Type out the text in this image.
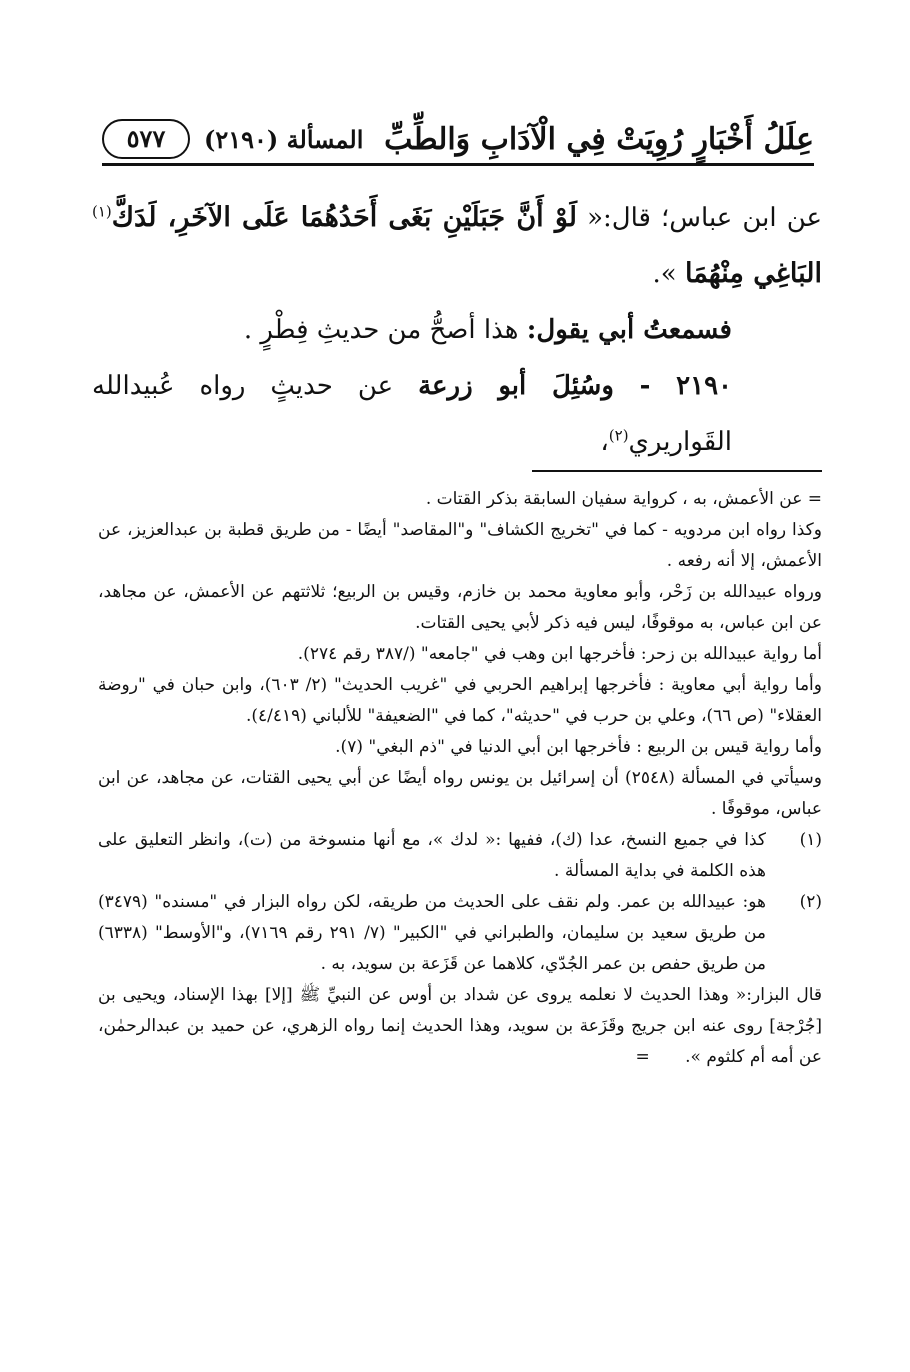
عِلَلُ أَخْبَارٍ رُوِيَتْ فِي الْآدَابِ وَالطِّبِّ
المسألة (٢١٩٠)
٥٧٧

عن ابن عباس؛ قال:« لَوْ أَنَّ جَبَلَيْنِ بَغَى أَحَدُهُمَا عَلَى الآخَرِ، لَدَكَّ$^{(١)}$ البَاغِي مِنْهُمَا ».

فسمعتُ أبي يقول: هذا أصحُّ من حديثِ فِطْرٍ .

٢١٩٠ - وسُئِلَ أبو زرعة عن حديثٍ رواه عُبيدالله القَواريري$^{(٢)}$،

= عن الأعمش، به ، كرواية سفيان السابقة بذكر القتات .

وكذا رواه ابن مردويه - كما في "تخريج الكشاف" و"المقاصد" أيضًا - من طريق قطبة بن عبدالعزيز، عن الأعمش، إلا أنه رفعه .

ورواه عبيدالله بن زَحْر، وأبو معاوية محمد بن خازم، وقيس بن الربيع؛ ثلاثتهم عن الأعمش، عن مجاهد، عن ابن عباس، به موقوفًا، ليس فيه ذكر لأبي يحيى القتات.

أما رواية عبيدالله بن زحر: فأخرجها ابن وهب في "جامعه" (/٣٨٧ رقم ٢٧٤).

وأما رواية أبي معاوية : فأخرجها إبراهيم الحربي في "غريب الحديث" (٢/ ٦٠٣)، وابن حبان في "روضة العقلاء" (ص ٦٦)، وعلي بن حرب في "حديثه"، كما في "الضعيفة" للألباني (٤/٤١٩).

وأما رواية قيس بن الربيع : فأخرجها ابن أبي الدنيا في "ذم البغي" (٧).

وسيأتي في المسألة (٢٥٤٨) أن إسرائيل بن يونس رواه أيضًا عن أبي يحيى القتات، عن مجاهد، عن ابن عباس، موقوفًا .

(١)
كذا في جميع النسخ، عدا (ك)، ففيها :« لدك »، مع أنها منسوخة من (ت)، وانظر التعليق على هذه الكلمة في بداية المسألة .
(٢)
هو: عبيدالله بن عمر. ولم نقف على الحديث من طريقه، لكن رواه البزار في "مسنده" (٣٤٧٩) من طريق سعيد بن سليمان، والطبراني في "الكبير" (٧/ ٢٩١ رقم ٧١٦٩)، و"الأوسط" (٦٣٣٨) من طريق حفص بن عمر الجُدّي، كلاهما عن قَزَعة بن سويد، به .

قال البزار:« وهذا الحديث لا نعلمه يروى عن شداد بن أوس عن النبيِّ ﷺ [إلا] بهذا الإسناد، ويحيى بن [جُرْجة] روى عنه ابن جريج وقَزَعة بن سويد، وهذا الحديث إنما رواه الزهري، عن حميد بن عبدالرحمٰن، عن أمه أم كلثوم ». =
